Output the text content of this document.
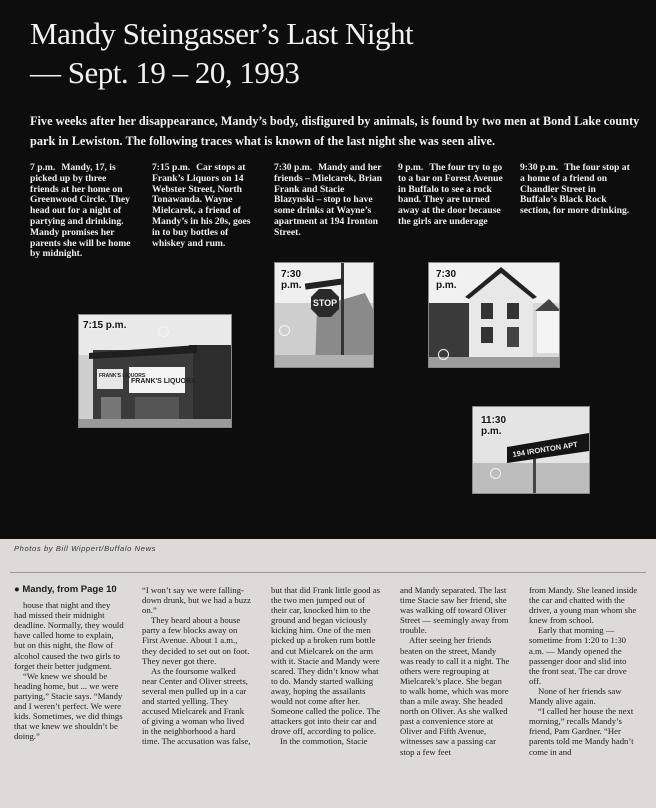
Mandy Steingasser’s Last Night
— Sept. 19 – 20, 1993

Five weeks after her disappearance, Mandy’s body, disfigured by animals, is found by two men at Bond Lake county park in Lewiston. The following traces what is known of the last night she was seen alive.

7 p.m. Mandy, 17, is picked up by three friends at her home on Greenwood Circle. They head out for a night of partying and drinking. Mandy promises her parents she will be home by midnight.
7:15 p.m. Car stops at Frank’s Liquors on 14 Webster Street, North Tonawanda. Wayne Mielcarek, a friend of Mandy’s in his 20s, goes in to buy bottles of whiskey and rum.
7:30 p.m. Mandy and her friends – Mielcarek, Brian Frank and Stacie Blazynski – stop to have some drinks at Wayne’s apartment at 194 Ironton Street.
9 p.m. The four try to go to a bar on Forest Avenue in Buffalo to see a rock band. They are turned away at the door because the girls are underage
9:30 p.m. The four stop at a home of a friend on Chandler Street in Buffalo’s Black Rock section, for more drinking.
FRANK'S LIQUORS
FRANK'S LIQUORS
7:15 p.m.
STOP
7:30
p.m.
7:30
p.m.
194 IRONTON APT
11:30
p.m.
Photos by Bill Wippert/Buffalo News

● Mandy, from Page 10

house that night and they had missed their midnight deadline. Normally, they would have called home to explain, but on this night, the flow of alcohol caused the two girls to forget their better judgment.

“We knew we should be heading home, but ... we were partying,” Stacie says. “Mandy and I weren’t perfect. We were kids. Sometimes, we did things that we knew we shouldn’t be doing.”

“I won’t say we were falling-down drunk, but we had a buzz on.”

They heard about a house party a few blocks away on First Avenue. About 1 a.m., they decided to set out on foot. They never got there.

As the foursome walked near Center and Oliver streets, several men pulled up in a car and started yelling. They accused Mielcarek and Frank of giving a woman who lived in the neighborhood a hard time. The accusation was false,

but that did Frank little good as the two men jumped out of their car, knocked him to the ground and began viciously kicking him. One of the men picked up a broken rum bottle and cut Mielcarek on the arm with it. Stacie and Mandy were scared. They didn’t know what to do. Mandy started walking away, hoping the assailants would not come after her. Someone called the police. The attackers got into their car and drove off, according to police.

In the commotion, Stacie

and Mandy separated. The last time Stacie saw her friend, she was walking off toward Oliver Street — seemingly away from trouble.

After seeing her friends beaten on the street, Mandy was ready to call it a night. The others were regrouping at Mielcarek’s place. She began to walk home, which was more than a mile away. She headed north on Oliver. As she walked past a convenience store at Oliver and Fifth Avenue, witnesses saw a passing car stop a few feet

from Mandy. She leaned inside the car and chatted with the driver, a young man whom she knew from school.

Early that morning — sometime from 1:20 to 1:30 a.m. — Mandy opened the passenger door and slid into the front seat. The car drove off.

None of her friends saw Mandy alive again.

“I called her house the next morning,” recalls Mandy’s friend, Pam Gardner. “Her parents told me Mandy hadn’t come in and
